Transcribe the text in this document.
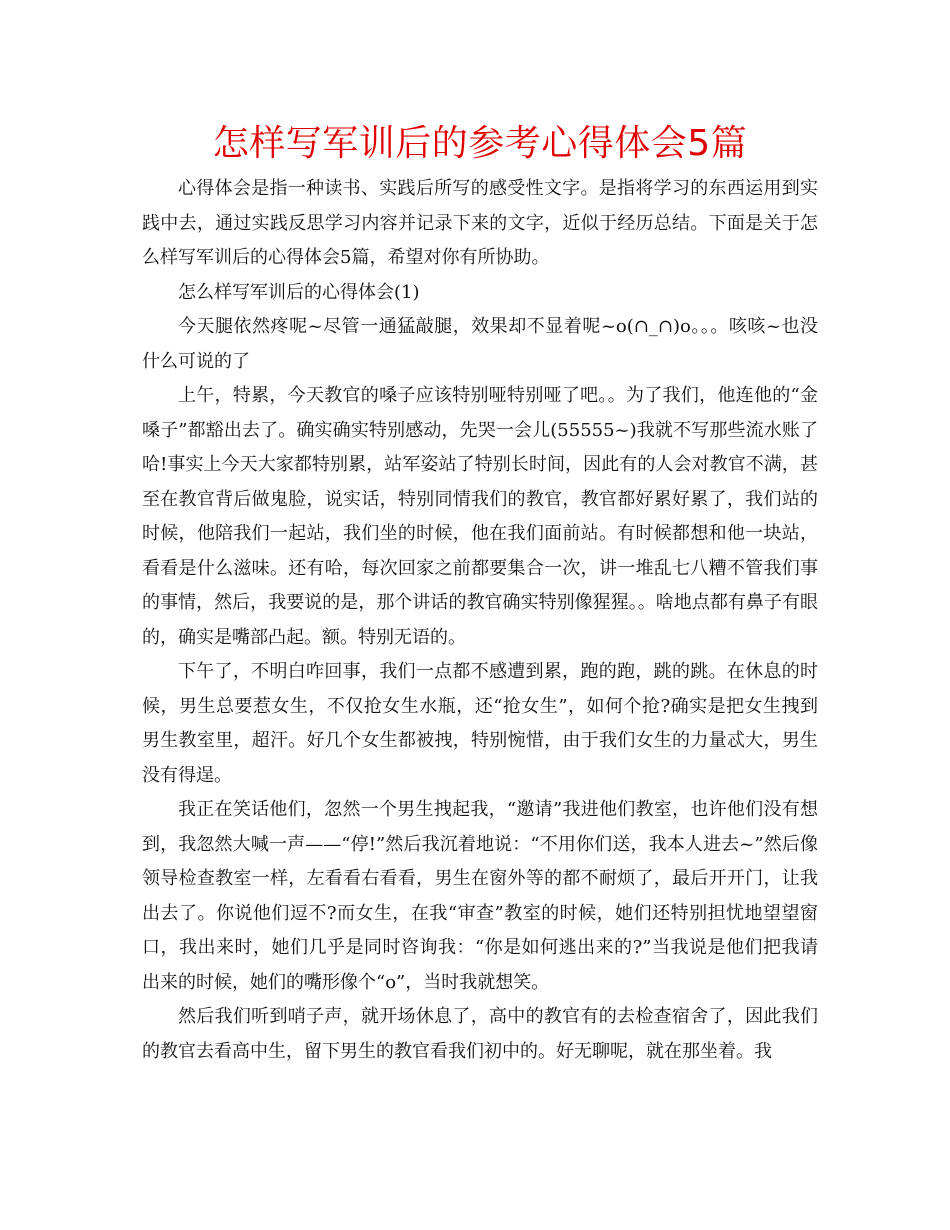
怎样写军训后的参考心得体会5篇

心得体会是指一种读书、实践后所写的感受性文字。是指将学习的东西运用到实践中去，通过实践反思学习内容并记录下来的文字，近似于经历总结。下面是关于怎么样写军训后的心得体会5篇，希望对你有所协助。

怎么样写军训后的心得体会(1)

今天腿依然疼呢~尽管一通猛敲腿，效果却不显着呢~o(∩_∩)o。。。咳咳~也没什么可说的了

上午，特累，今天教官的嗓子应该特别哑特别哑了吧。。为了我们，他连他的“金嗓子”都豁出去了。确实确实特别感动，先哭一会儿(55555~)我就不写那些流水账了哈!事实上今天大家都特别累，站军姿站了特别长时间，因此有的人会对教官不满，甚至在教官背后做鬼脸，说实话，特别同情我们的教官，教官都好累好累了，我们站的时候，他陪我们一起站，我们坐的时候，他在我们面前站。有时候都想和他一块站，看看是什么滋味。还有哈，每次回家之前都要集合一次，讲一堆乱七八糟不管我们事的事情，然后，我要说的是，那个讲话的教官确实特别像猩猩。。啥地点都有鼻子有眼的，确实是嘴部凸起。额。特别无语的。

下午了，不明白咋回事，我们一点都不感遭到累，跑的跑，跳的跳。在休息的时候，男生总要惹女生，不仅抢女生水瓶，还“抢女生”，如何个抢?确实是把女生拽到男生教室里，超汗。好几个女生都被拽，特别惋惜，由于我们女生的力量忒大，男生没有得逞。

我正在笑话他们，忽然一个男生拽起我，“邀请”我进他们教室，也许他们没有想到，我忽然大喊一声——“停!”然后我沉着地说：“不用你们送，我本人进去~”然后像领导检查教室一样，左看看右看看，男生在窗外等的都不耐烦了，最后开开门，让我出去了。你说他们逗不?而女生，在我“审查”教室的时候，她们还特别担忧地望望窗口，我出来时，她们几乎是同时咨询我：“你是如何逃出来的?”当我说是他们把我请出来的时候，她们的嘴形像个“o”，当时我就想笑。

然后我们听到哨子声，就开场休息了，高中的教官有的去检查宿舍了，因此我们的教官去看高中生，留下男生的教官看我们初中的。好无聊呢，就在那坐着。我
